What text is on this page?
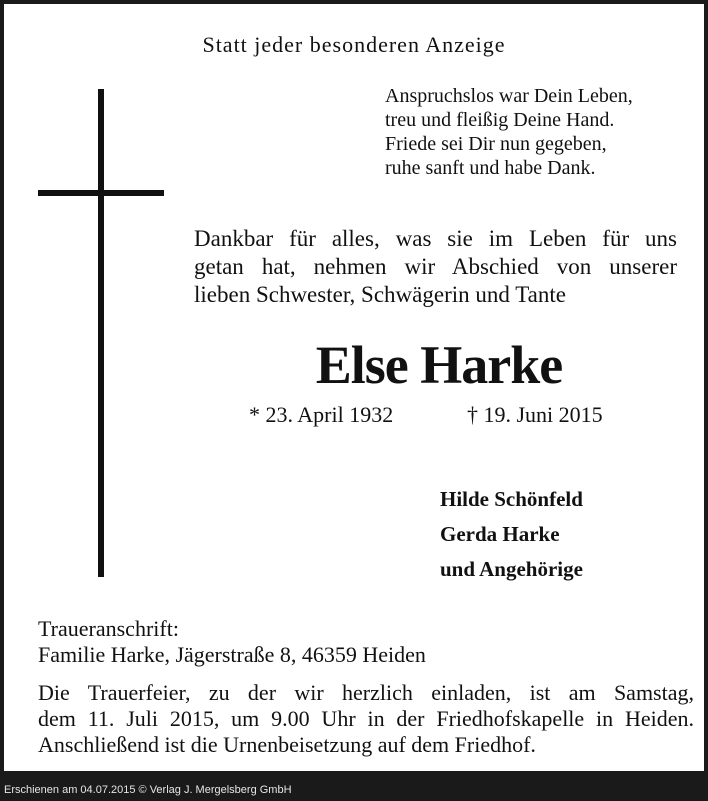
Statt jeder besonderen Anzeige
Anspruchslos war Dein Leben,
treu und fleißig Deine Hand.
Friede sei Dir nun gegeben,
ruhe sanft und habe Dank.
Dankbar für alles, was sie im Leben für uns
getan hat, nehmen wir Abschied von unserer
lieben Schwester, Schwägerin und Tante
Else Harke
* 23. April 1932	† 19. Juni 2015
Hilde Schönfeld
Gerda Harke
und Angehörige
Traueranschrift:
Familie Harke, Jägerstraße 8, 46359 Heiden
Die Trauerfeier, zu der wir herzlich einladen, ist am Samstag,
dem 11. Juli 2015, um 9.00 Uhr in der Friedhofskapelle in Heiden.
Anschließend ist die Urnenbeisetzung auf dem Friedhof.
Erschienen am 04.07.2015 © Verlag J. Mergelsberg GmbH
